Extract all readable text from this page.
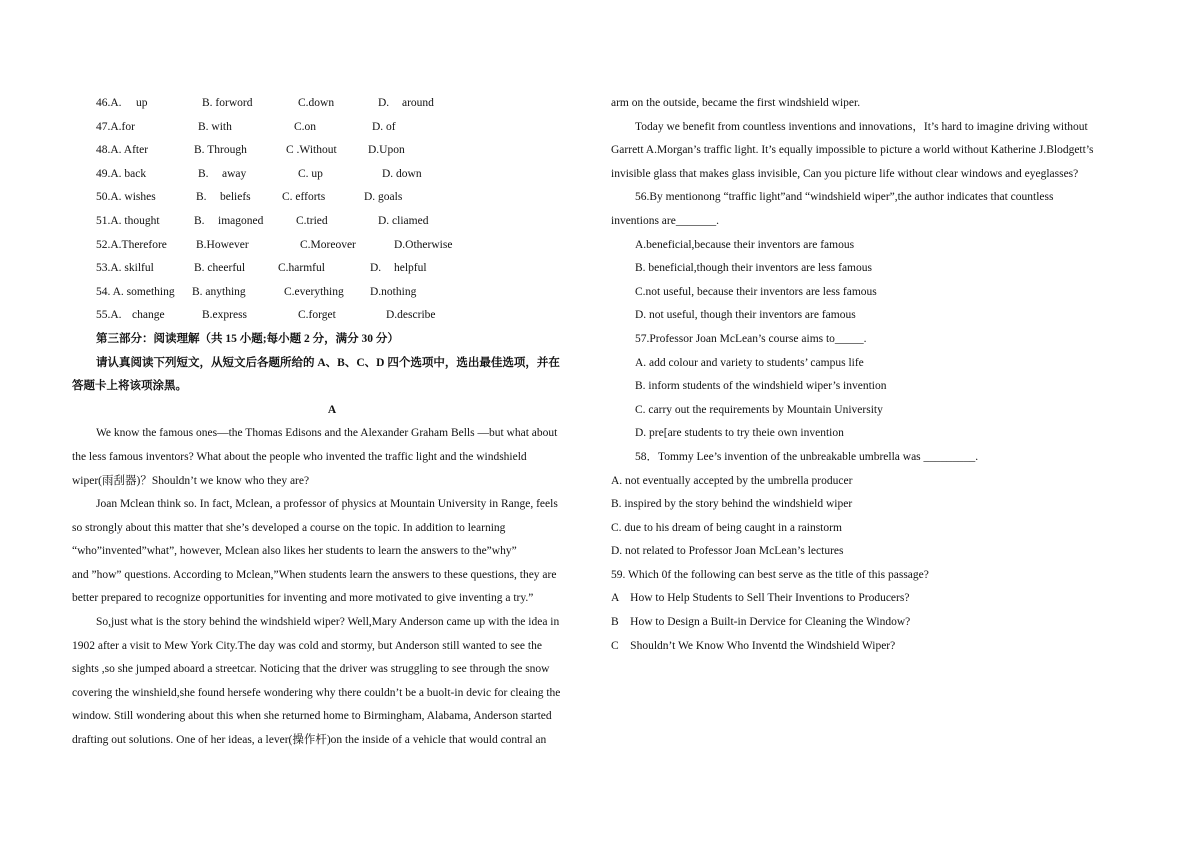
46.A. up	B. forword	C.down	D. around
47.A.for	B. with	C.on	D. of
48.A. After	B. Through	C .Without	D.Upon
49.A. back	B. away	C. up	D. down
50.A. wishes	B. beliefs	C. efforts	D. goals
51.A. thought	B. imagoned	C.tried	D. cliamed
52.A.Therefore	B.However	C.Moreover	D.Otherwise
53.A. skilful	B. cheerful	C.harmful	D. helpful
54. A. something B. anything	C.everything D.nothing
55.A. change	B.express	C.forget	D.describe
第三部分：阅读理解（共 15 小题;每小题 2 分，满分 30 分）
请认真阅读下列短文，从短文后各题所给的 A、B、C、D 四个选项中，选出最佳选项，并在
答题卡上将该项涂黑。
A
We know the famous ones—the Thomas Edisons and the Alexander Graham Bells —but what about
the less famous inventors? What about the people who invented the traffic light and the windshield
wiper(雨刮器)？Shouldn’t we know who they are?
Joan Mclean think so. In fact, Mclean, a professor of physics at Mountain University in Range, feels
so strongly about this matter that she’s developed a course on the topic. In addition to learning
“who”invented”what”, however, Mclean also likes her students to learn the answers to the”why”
and ”how” questions. According to Mclean,”When students learn the answers to these questions, they are
better prepared to recognize opportunities for inventing and more motivated to give inventing a try.”
So,just what is the story behind the windshield wiper? Well,Mary Anderson came up with the idea in
1902 after a visit to Mew York City.The day was cold and stormy, but Anderson still wanted to see the
sights ,so she jumped aboard a streetcar. Noticing that the driver was struggling to see through the snow
covering the winshield,she found hersefe wondering why there couldn’t be a buolt-in devic for cleaing the
window. Still wondering about this when she returned home to Birmingham, Alabama, Anderson started
drafting out solutions. One of her ideas, a lever(操作杆)on the inside of a vehicle that would contral an
arm on the outside, became the first windshield wiper.
Today we benefit from countless inventions and innovations，It’s hard to imagine driving without
Garrett A.Morgan’s traffic light. It’s equally impossible to picture a world without Katherine J.Blodgett’s
invisible glass that makes glass invisible, Can you picture life without clear windows and eyeglasses?
56.By mentionong “traffic light”and “windshield wiper”,the author indicates that countless
inventions are_______.
A.beneficial,because their inventors are famous
B. beneficial,though their inventors are less famous
C.not useful, because their inventors are less famous
D. not useful, though their inventors are famous
57.Professor Joan McLean’s course aims to_____.
A. add colour and variety to students’ campus life
B. inform students of the windshield wiper’s invention
C. carry out the requirements by Mountain University
D. pre[are students to try theie own invention
58．Tommy Lee’s invention of the unbreakable umbrella was _________.
A. not eventually accepted by the umbrella producer
B. inspired by the story behind the windshield wiper
C. due to his dream of being caught in a rainstorm
D. not related to Professor Joan McLean’s lectures
59. Which 0f the following can best serve as the title of this passage?
A    How to Help Students to Sell Their Inventions to Producers?
B    How to Design a Built-in Dervice for Cleaning the Window?
C    Shouldn’t We Know Who Inventd the Windshield Wiper?
